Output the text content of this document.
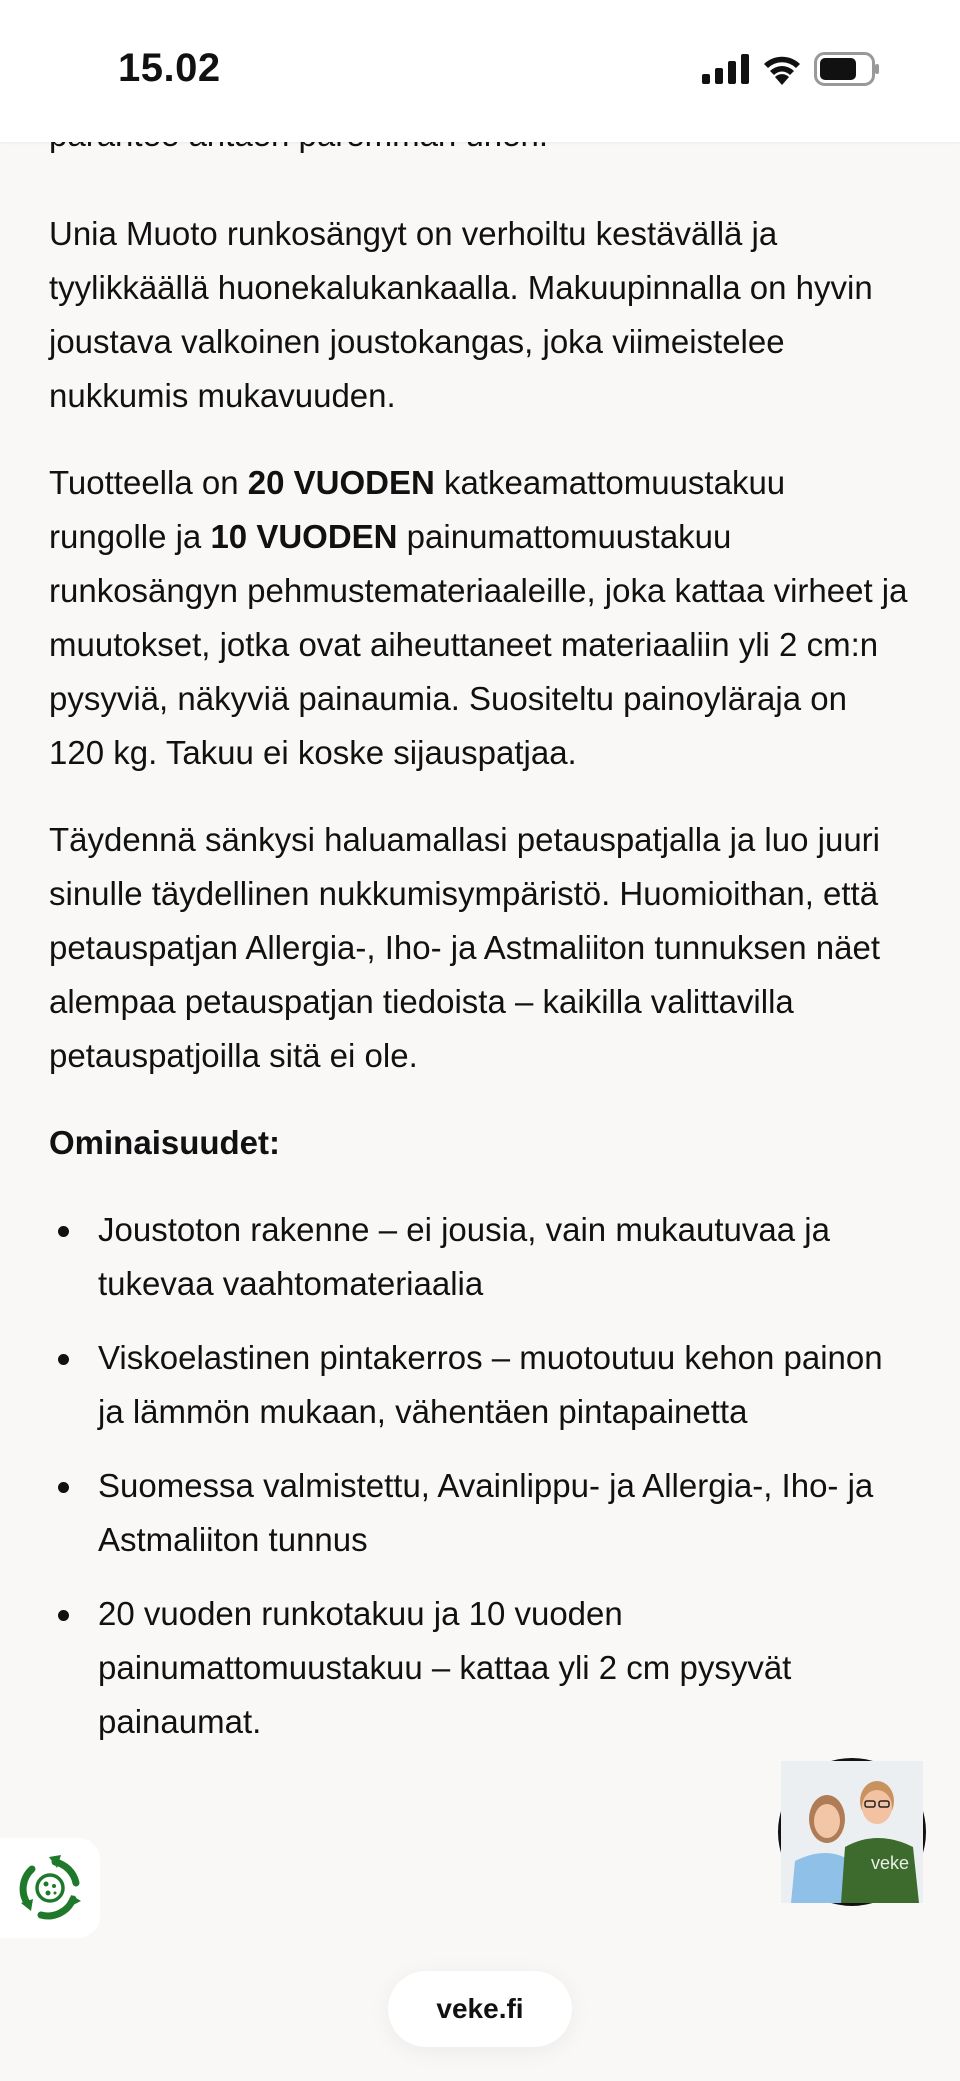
15.02

Unia Muoto runkosängyt on verhoiltu kestävällä ja tyylikkäällä huonekalukankaalla. Makuupinnalla on hyvin joustava valkoinen joustokangas, joka viimeistelee nukkumis mukavuuden.

Tuotteella on 20 VUODEN katkeamattomuustakuu rungolle ja 10 VUODEN painumattomuustakuu runkosängyn pehmustemateriaaleille, joka kattaa virheet ja muutokset, jotka ovat aiheuttaneet materiaaliin yli 2 cm:n pysyviä, näkyviä painaumia. Suositeltu painoyläraja on 120 kg. Takuu ei koske sijauspatjaa.

Täydennä sänkysi haluamallasi petauspatjalla ja luo juuri sinulle täydellinen nukkumisympäristö. Huomioithan, että petauspatjan Allergia-, Iho- ja Astmaliiton tunnuksen näet alempaa petauspatjan tiedoista – kaikilla valittavilla petauspatjoilla sitä ei ole.

Ominaisuudet:
Joustoton rakenne – ei jousia, vain mukautuvaa ja tukevaa vaahtomateriaalia
Viskoelastinen pintakerros – muotoutuu kehon painon ja lämmön mukaan, vähentäen pintapainetta
Suomessa valmistettu, Avainlippu- ja Allergia-, Iho- ja Astmaliiton tunnus
20 vuoden runkotakuu ja 10 vuoden painumattomuustakuu – kattaa yli 2 cm pysyvät painaumat.
veke
veke.fi
